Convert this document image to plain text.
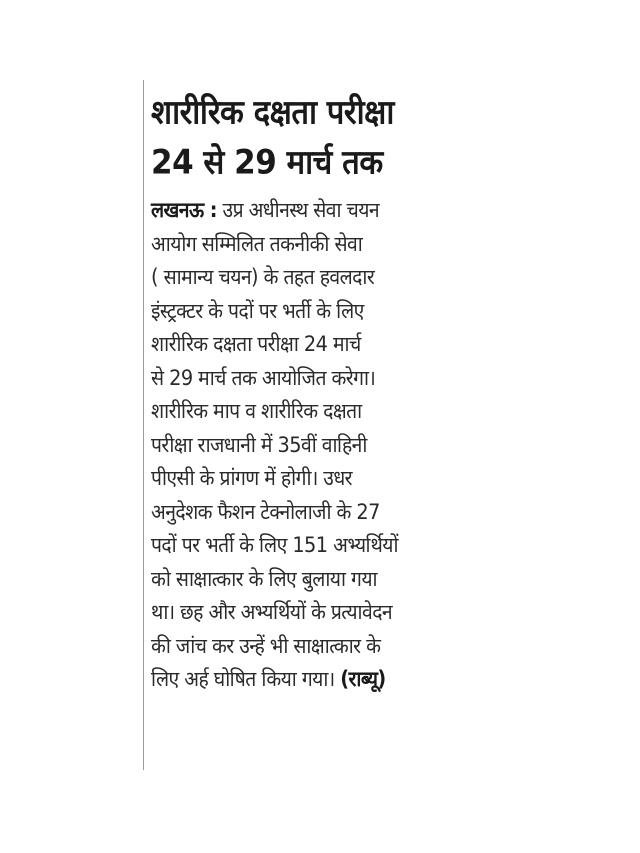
शारीरिक दक्षता परीक्षा
24 से 29 मार्च तक
लखनऊ : उप्र अधीनस्थ सेवा चयन
आयोग सम्मिलित तकनीकी सेवा
( सामान्य चयन) के तहत हवलदार
इंस्ट्रक्टर के पदों पर भर्ती के लिए
शारीरिक दक्षता परीक्षा 24 मार्च
से 29 मार्च तक आयोजित करेगा।
शारीरिक माप व शारीरिक दक्षता
परीक्षा राजधानी में 35वीं वाहिनी
पीएसी के प्रांगण में होगी। उधर
अनुदेशक फैशन टेक्नोलाजी के 27
पदों पर भर्ती के लिए 151 अभ्यर्थियों
को साक्षात्कार के लिए बुलाया गया
था। छह और अभ्यर्थियों के प्रत्यावेदन
की जांच कर उन्हें भी साक्षात्कार के
लिए अर्ह घोषित किया गया। (राब्यू)
